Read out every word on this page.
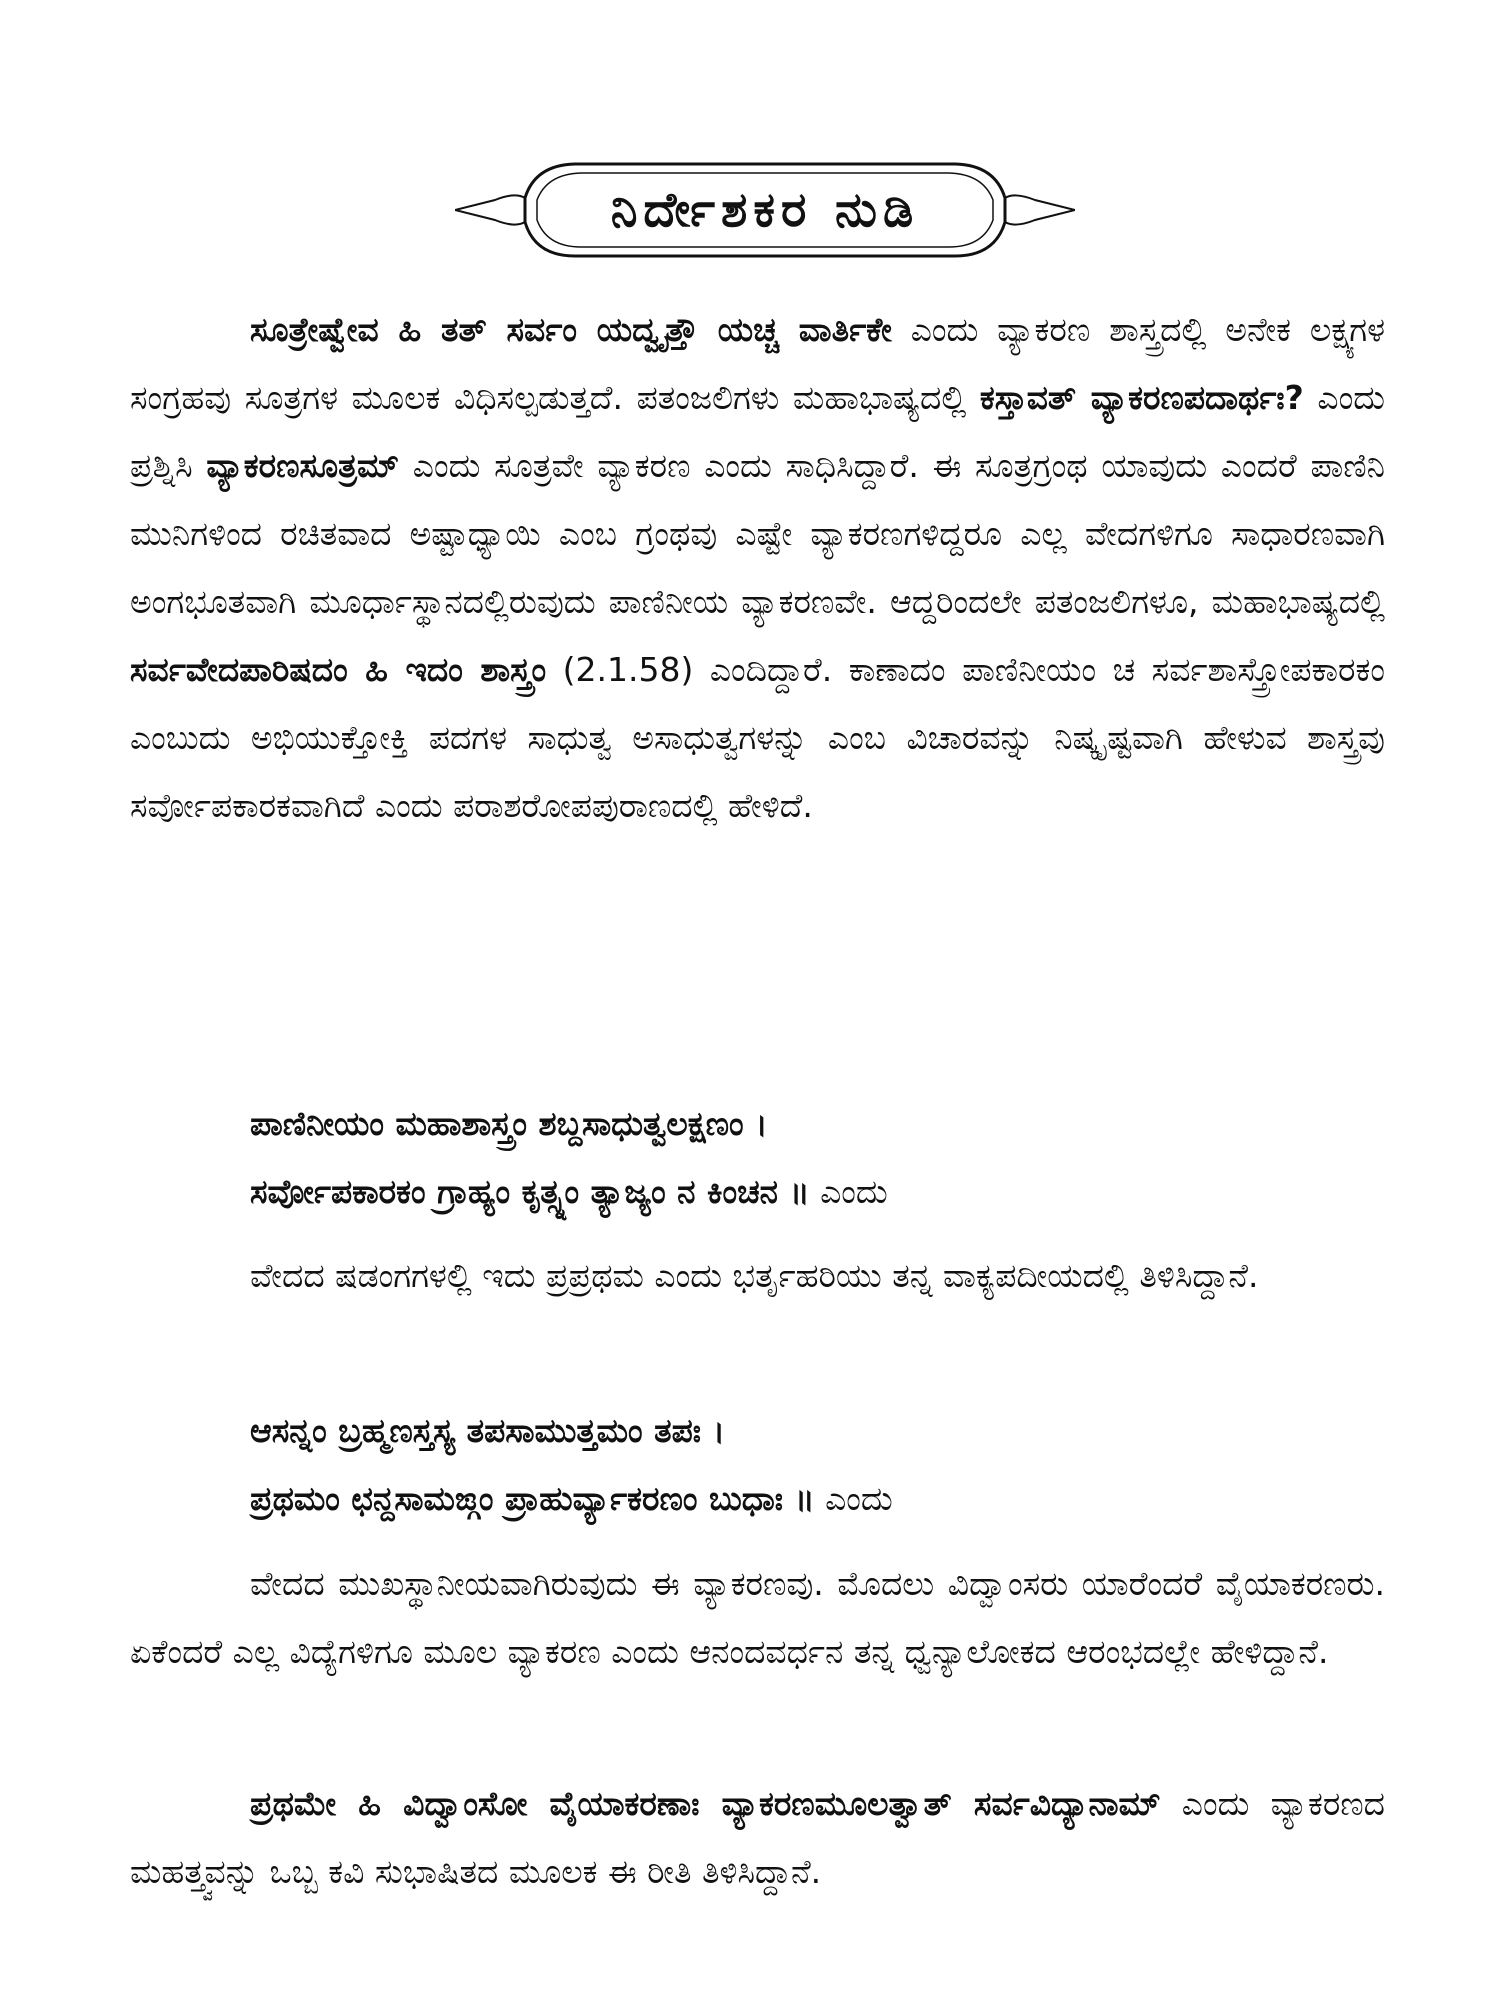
ನಿರ್ದೇಶಕರ ನುಡಿ

ಸೂತ್ರೇಷ್ವೇವ ಹಿ ತತ್ ಸರ್ವಂ ಯದ್ವೃತ್ತೌ ಯಚ್ಚ ವಾರ್ತಿಕೇ ಎಂದು ವ್ಯಾಕರಣ ಶಾಸ್ತ್ರದಲ್ಲಿ ಅನೇಕ ಲಕ್ಷ್ಯಗಳ ಸಂಗ್ರಹವು ಸೂತ್ರಗಳ ಮೂಲಕ ವಿಧಿಸಲ್ಪಡುತ್ತದೆ. ಪತಂಜಲಿಗಳು ಮಹಾಭಾಷ್ಯದಲ್ಲಿ ಕಸ್ತಾವತ್ ವ್ಯಾಕರಣಪದಾರ್ಥಃ? ಎಂದು ಪ್ರಶ್ನಿಸಿ ವ್ಯಾಕರಣಸೂತ್ರಮ್ ಎಂದು ಸೂತ್ರವೇ ವ್ಯಾಕರಣ ಎಂದು ಸಾಧಿಸಿದ್ದಾರೆ. ಈ ಸೂತ್ರಗ್ರಂಥ ಯಾವುದು ಎಂದರೆ ಪಾಣಿನಿ ಮುನಿಗಳಿಂದ ರಚಿತವಾದ ಅಷ್ಟಾಧ್ಯಾಯಿ ಎಂಬ ಗ್ರಂಥವು ಎಷ್ಟೇ ವ್ಯಾಕರಣಗಳಿದ್ದರೂ ಎಲ್ಲ ವೇದಗಳಿಗೂ ಸಾಧಾರಣವಾಗಿ ಅಂಗಭೂತವಾಗಿ ಮೂರ್ಧಾಸ್ಥಾನದಲ್ಲಿರುವುದು ಪಾಣಿನೀಯ ವ್ಯಾಕರಣವೇ. ಆದ್ದರಿಂದಲೇ ಪತಂಜಲಿಗಳೂ, ಮಹಾಭಾಷ್ಯದಲ್ಲಿ ಸರ್ವವೇದಪಾರಿಷದಂ ಹಿ ಇದಂ ಶಾಸ್ತ್ರಂ (2.1.58) ಎಂದಿದ್ದಾರೆ. ಕಾಣಾದಂ ಪಾಣಿನೀಯಂ ಚ ಸರ್ವಶಾಸ್ತ್ರೋಪಕಾರಕಂ ಎಂಬುದು ಅಭಿಯುಕ್ತೋಕ್ತಿ ಪದಗಳ ಸಾಧುತ್ವ ಅಸಾಧುತ್ವಗಳನ್ನು ಎಂಬ ವಿಚಾರವನ್ನು ನಿಷ್ಕೃಷ್ಟವಾಗಿ ಹೇಳುವ ಶಾಸ್ತ್ರವು ಸರ್ವೋಪಕಾರಕವಾಗಿದೆ ಎಂದು ಪರಾಶರೋಪಪುರಾಣದಲ್ಲಿ ಹೇಳಿದೆ.

ಪಾಣಿನೀಯಂ ಮಹಾಶಾಸ್ತ್ರಂ ಶಬ್ದಸಾಧುತ್ವಲಕ್ಷಣಂ ।
ಸರ್ವೋಪಕಾರಕಂ ಗ್ರಾಹ್ಯಂ ಕೃತ್ಸ್ನಂ ತ್ಯಾಜ್ಯಂ ನ ಕಿಂಚನ ॥ ಎಂದು

ವೇದದ ಷಡಂಗಗಳಲ್ಲಿ ಇದು ಪ್ರಪ್ರಥಮ ಎಂದು ಭರ್ತೃಹರಿಯು ತನ್ನ ವಾಕ್ಯಪದೀಯದಲ್ಲಿ ತಿಳಿಸಿದ್ದಾನೆ.

ಆಸನ್ನಂ ಬ್ರಹ್ಮಣಸ್ತಸ್ಯ ತಪಸಾಮುತ್ತಮಂ ತಪಃ ।
ಪ್ರಥಮಂ ಛನ್ದಸಾಮಙ್ಗಂ ಪ್ರಾಹುರ್ವ್ಯಾಕರಣಂ ಬುಧಾಃ ॥ ಎಂದು

ವೇದದ ಮುಖಸ್ಥಾನೀಯವಾಗಿರುವುದು ಈ ವ್ಯಾಕರಣವು. ಮೊದಲು ವಿದ್ವಾಂಸರು ಯಾರೆಂದರೆ ವೈಯಾಕರಣರು. ಏಕೆಂದರೆ ಎಲ್ಲ ವಿದ್ಯೆಗಳಿಗೂ ಮೂಲ ವ್ಯಾಕರಣ ಎಂದು ಆನಂದವರ್ಧನ ತನ್ನ ಧ್ವನ್ಯಾಲೋಕದ ಆರಂಭದಲ್ಲೇ ಹೇಳಿದ್ದಾನೆ.

ಪ್ರಥಮೇ ಹಿ ವಿದ್ವಾಂಸೋ ವೈಯಾಕರಣಾಃ ವ್ಯಾಕರಣಮೂಲತ್ವಾತ್ ಸರ್ವವಿದ್ಯಾನಾಮ್ ಎಂದು ವ್ಯಾಕರಣದ ಮಹತ್ತ್ವವನ್ನು ಒಬ್ಬ ಕವಿ ಸುಭಾಷಿತದ ಮೂಲಕ ಈ ರೀತಿ ತಿಳಿಸಿದ್ದಾನೆ.
